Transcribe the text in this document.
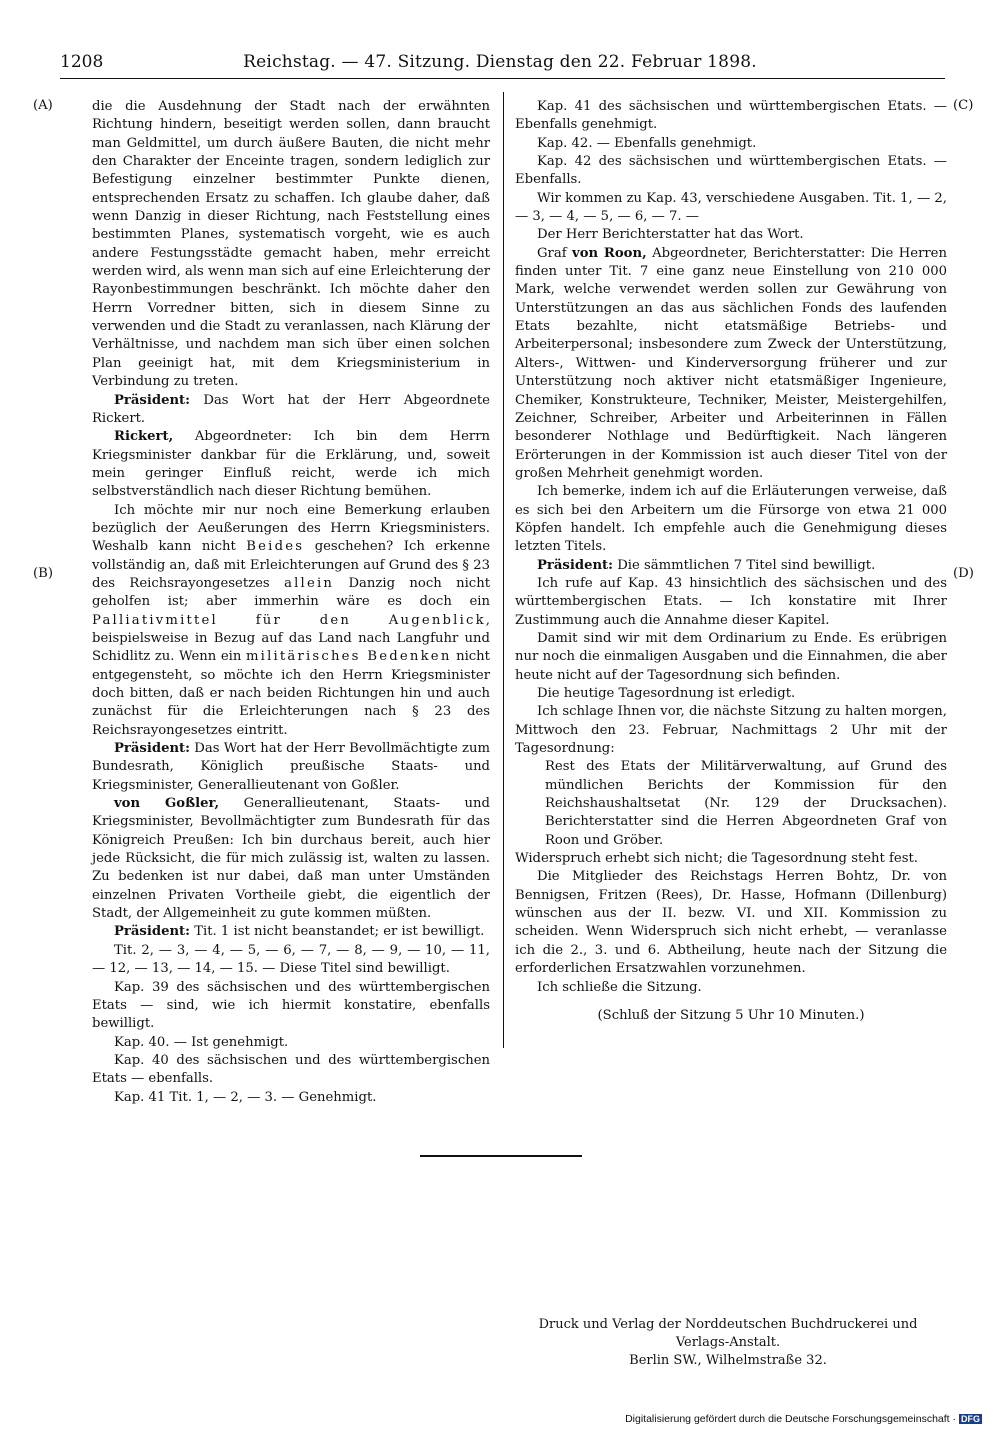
1208	Reichstag. — 47. Sitzung. Dienstag den 22. Februar 1898.
(A)
(B)
(C)
(D)

die die Ausdehnung der Stadt nach der erwähnten Richtung hindern, beseitigt werden sollen, dann braucht man Geldmittel, um durch äußere Bauten, die nicht mehr den Charakter der Enceinte tragen, sondern lediglich zur Befestigung einzelner bestimmter Punkte dienen, entsprechenden Ersatz zu schaffen. Ich glaube daher, daß wenn Danzig in dieser Richtung, nach Feststellung eines bestimmten Planes, systematisch vorgeht, wie es auch andere Festungsstädte gemacht haben, mehr erreicht werden wird, als wenn man sich auf eine Erleichterung der Rayonbestimmungen beschränkt. Ich möchte daher den Herrn Vorredner bitten, sich in diesem Sinne zu verwenden und die Stadt zu veranlassen, nach Klärung der Verhältnisse, und nachdem man sich über einen solchen Plan geeinigt hat, mit dem Kriegsministerium in Verbindung zu treten.

Präsident: Das Wort hat der Herr Abgeordnete Rickert.

Rickert, Abgeordneter: Ich bin dem Herrn Kriegsminister dankbar für die Erklärung, und, soweit mein geringer Einfluß reicht, werde ich mich selbstverständlich nach dieser Richtung bemühen.

Ich möchte mir nur noch eine Bemerkung erlauben bezüglich der Aeußerungen des Herrn Kriegsministers. Weshalb kann nicht Beides geschehen? Ich erkenne vollständig an, daß mit Erleichterungen auf Grund des § 23 des Reichsrayongesetzes allein Danzig noch nicht geholfen ist; aber immerhin wäre es doch ein Palliativmittel für den Augenblick, beispielsweise in Bezug auf das Land nach Langfuhr und Schidlitz zu. Wenn ein militärisches Bedenken nicht entgegensteht, so möchte ich den Herrn Kriegsminister doch bitten, daß er nach beiden Richtungen hin und auch zunächst für die Erleichterungen nach § 23 des Reichsrayongesetzes eintritt.

Präsident: Das Wort hat der Herr Bevollmächtigte zum Bundesrath, Königlich preußische Staats- und Kriegsminister, Generallieutenant von Goßler.

von Goßler, Generallieutenant, Staats- und Kriegsminister, Bevollmächtigter zum Bundesrath für das Königreich Preußen: Ich bin durchaus bereit, auch hier jede Rücksicht, die für mich zulässig ist, walten zu lassen. Zu bedenken ist nur dabei, daß man unter Umständen einzelnen Privaten Vortheile giebt, die eigentlich der Stadt, der Allgemeinheit zu gute kommen müßten.

Präsident: Tit. 1 ist nicht beanstandet; er ist bewilligt.

Tit. 2, — 3, — 4, — 5, — 6, — 7, — 8, — 9, — 10, — 11, — 12, — 13, — 14, — 15. — Diese Titel sind bewilligt.

Kap. 39 des sächsischen und des württembergischen Etats — sind, wie ich hiermit konstatire, ebenfalls bewilligt.

Kap. 40. — Ist genehmigt.

Kap. 40 des sächsischen und des württembergischen Etats — ebenfalls.

Kap. 41 Tit. 1, — 2, — 3. — Genehmigt.

Kap. 41 des sächsischen und württembergischen Etats. — Ebenfalls genehmigt.

Kap. 42. — Ebenfalls genehmigt.

Kap. 42 des sächsischen und württembergischen Etats. — Ebenfalls.

Wir kommen zu Kap. 43, verschiedene Ausgaben. Tit. 1, — 2, — 3, — 4, — 5, — 6, — 7. —

Der Herr Berichterstatter hat das Wort.

Graf von Roon, Abgeordneter, Berichterstatter: Die Herren finden unter Tit. 7 eine ganz neue Einstellung von 210 000 Mark, welche verwendet werden sollen zur Gewährung von Unterstützungen an das aus sächlichen Fonds des laufenden Etats bezahlte, nicht etatsmäßige Betriebs- und Arbeiterpersonal; insbesondere zum Zweck der Unterstützung, Alters-, Wittwen- und Kinderversorgung früherer und zur Unterstützung noch aktiver nicht etatsmäßiger Ingenieure, Chemiker, Konstrukteure, Techniker, Meister, Meistergehilfen, Zeichner, Schreiber, Arbeiter und Arbeiterinnen in Fällen besonderer Nothlage und Bedürftigkeit. Nach längeren Erörterungen in der Kommission ist auch dieser Titel von der großen Mehrheit genehmigt worden.

Ich bemerke, indem ich auf die Erläuterungen verweise, daß es sich bei den Arbeitern um die Fürsorge von etwa 21 000 Köpfen handelt. Ich empfehle auch die Genehmigung dieses letzten Titels.

Präsident: Die sämmtlichen 7 Titel sind bewilligt.

Ich rufe auf Kap. 43 hinsichtlich des sächsischen und des württembergischen Etats. — Ich konstatire mit Ihrer Zustimmung auch die Annahme dieser Kapitel.

Damit sind wir mit dem Ordinarium zu Ende. Es erübrigen nur noch die einmaligen Ausgaben und die Einnahmen, die aber heute nicht auf der Tagesordnung sich befinden.

Die heutige Tagesordnung ist erledigt.

Ich schlage Ihnen vor, die nächste Sitzung zu halten morgen, Mittwoch den 23. Februar, Nachmittags 2 Uhr mit der Tagesordnung:

Rest des Etats der Militärverwaltung, auf Grund des mündlichen Berichts der Kommission für den Reichshaushaltsetat (Nr. 129 der Drucksachen). Berichterstatter sind die Herren Abgeordneten Graf von Roon und Gröber.

Widerspruch erhebt sich nicht; die Tagesordnung steht fest.

Die Mitglieder des Reichstags Herren Bohtz, Dr. von Bennigsen, Fritzen (Rees), Dr. Hasse, Hofmann (Dillenburg) wünschen aus der II. bezw. VI. und XII. Kommission zu scheiden. Wenn Widerspruch sich nicht erhebt, — veranlasse ich die 2., 3. und 6. Abtheilung, heute nach der Sitzung die erforderlichen Ersatzwahlen vorzunehmen.

Ich schließe die Sitzung.

(Schluß der Sitzung 5 Uhr 10 Minuten.)

Druck und Verlag der Norddeutschen Buchdruckerei und Verlags-Anstalt.
Berlin SW., Wilhelmstraße 32.
Digitalisierung gefördert durch die Deutsche Forschungsgemeinschaft · DFG
